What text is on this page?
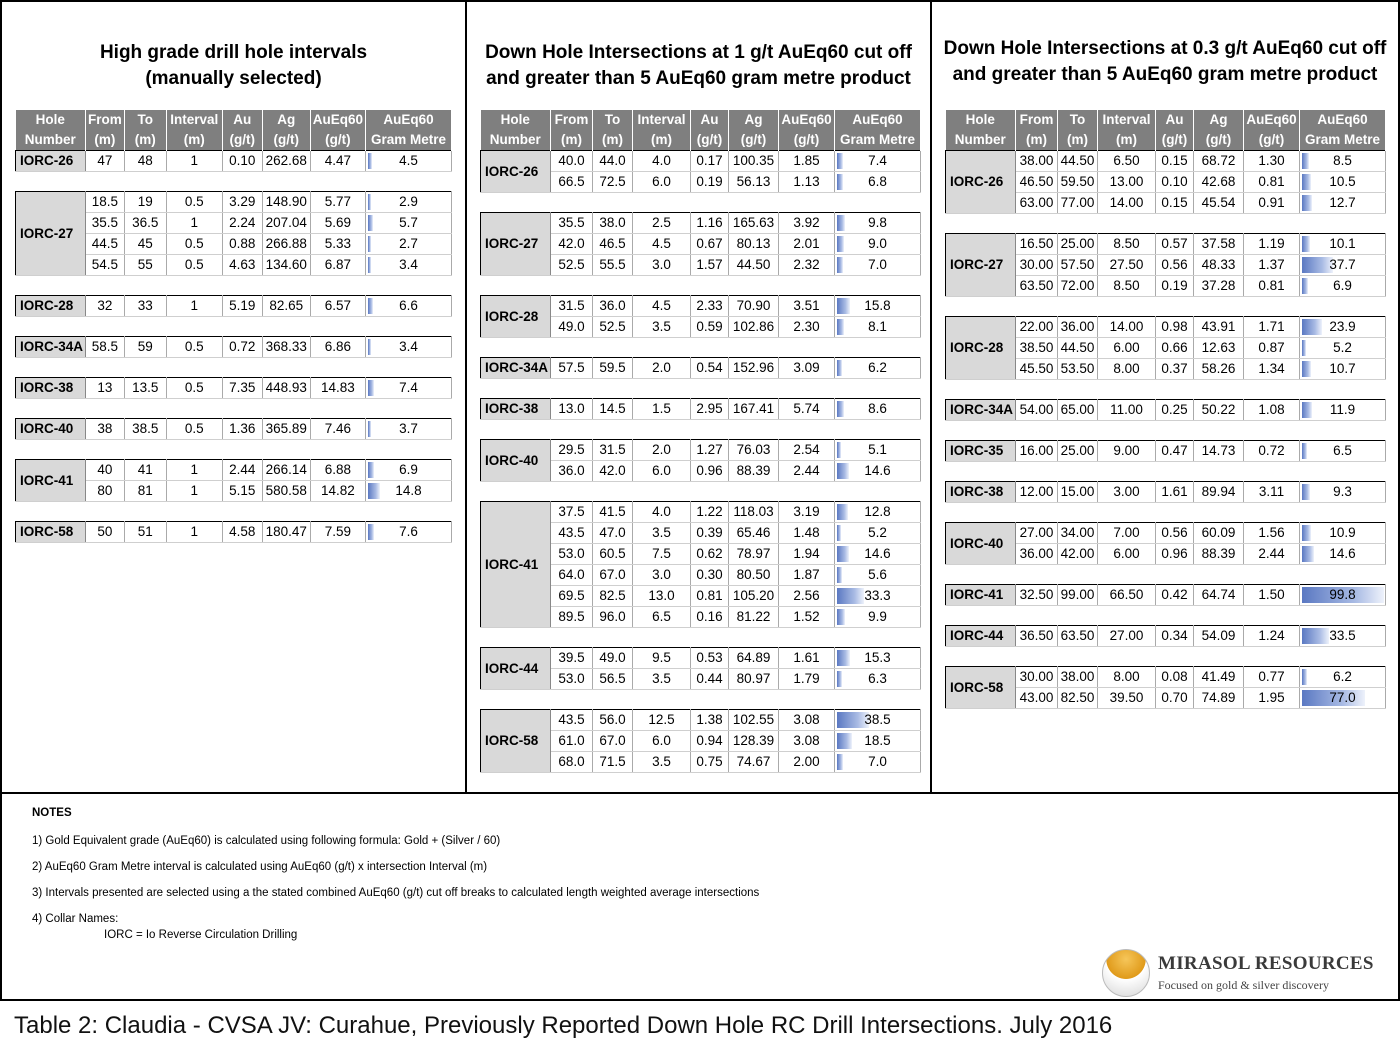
High grade drill hole intervals
(manually selected)
Hole	From	To	Interval	Au	Ag	AuEq60	AuEq60
Number	(m)	(m)	(m)	(g/t)	(g/t)	(g/t)	Gram Metre
IORC-26	47	48	1	0.10	262.68	4.47	4.5

IORC-27	18.5	19	0.5	3.29	148.90	5.77	2.9
	35.5	36.5	1	2.24	207.04	5.69	5.7
	44.5	45	0.5	0.88	266.88	5.33	2.7
	54.5	55	0.5	4.63	134.60	6.87	3.4

IORC-28	32	33	1	5.19	82.65	6.57	6.6

IORC-34A	58.5	59	0.5	0.72	368.33	6.86	3.4

IORC-38	13	13.5	0.5	7.35	448.93	14.83	7.4

IORC-40	38	38.5	0.5	1.36	365.89	7.46	3.7

IORC-41	40	41	1	2.44	266.14	6.88	6.9
	80	81	1	5.15	580.58	14.82	14.8

IORC-58	50	51	1	4.58	180.47	7.59	7.6
Down Hole Intersections at 1 g/t AuEq60 cut off
and greater than 5 AuEq60 gram metre product
Hole	From	To	Interval	Au	Ag	AuEq60	AuEq60
Number	(m)	(m)	(m)	(g/t)	(g/t)	(g/t)	Gram Metre
IORC-26	40.0	44.0	4.0	0.17	100.35	1.85	7.4
	66.5	72.5	6.0	0.19	56.13	1.13	6.8

IORC-27	35.5	38.0	2.5	1.16	165.63	3.92	9.8
	42.0	46.5	4.5	0.67	80.13	2.01	9.0
	52.5	55.5	3.0	1.57	44.50	2.32	7.0

IORC-28	31.5	36.0	4.5	2.33	70.90	3.51	15.8
	49.0	52.5	3.5	0.59	102.86	2.30	8.1

IORC-34A	57.5	59.5	2.0	0.54	152.96	3.09	6.2

IORC-38	13.0	14.5	1.5	2.95	167.41	5.74	8.6

IORC-40	29.5	31.5	2.0	1.27	76.03	2.54	5.1
	36.0	42.0	6.0	0.96	88.39	2.44	14.6

IORC-41	37.5	41.5	4.0	1.22	118.03	3.19	12.8
	43.5	47.0	3.5	0.39	65.46	1.48	5.2
	53.0	60.5	7.5	0.62	78.97	1.94	14.6
	64.0	67.0	3.0	0.30	80.50	1.87	5.6
	69.5	82.5	13.0	0.81	105.20	2.56	33.3
	89.5	96.0	6.5	0.16	81.22	1.52	9.9

IORC-44	39.5	49.0	9.5	0.53	64.89	1.61	15.3
	53.0	56.5	3.5	0.44	80.97	1.79	6.3

IORC-58	43.5	56.0	12.5	1.38	102.55	3.08	38.5
	61.0	67.0	6.0	0.94	128.39	3.08	18.5
	68.0	71.5	3.5	0.75	74.67	2.00	7.0
Down Hole Intersections at 0.3 g/t AuEq60 cut off
and greater than 5 AuEq60 gram metre product
Hole	From	To	Interval	Au	Ag	AuEq60	AuEq60
Number	(m)	(m)	(m)	(g/t)	(g/t)	(g/t)	Gram Metre
IORC-26	38.00	44.50	6.50	0.15	68.72	1.30	8.5
	46.50	59.50	13.00	0.10	42.68	0.81	10.5
	63.00	77.00	14.00	0.15	45.54	0.91	12.7

IORC-27	16.50	25.00	8.50	0.57	37.58	1.19	10.1
	30.00	57.50	27.50	0.56	48.33	1.37	37.7
	63.50	72.00	8.50	0.19	37.28	0.81	6.9

IORC-28	22.00	36.00	14.00	0.98	43.91	1.71	23.9
	38.50	44.50	6.00	0.66	12.63	0.87	5.2
	45.50	53.50	8.00	0.37	58.26	1.34	10.7

IORC-34A	54.00	65.00	11.00	0.25	50.22	1.08	11.9

IORC-35	16.00	25.00	9.00	0.47	14.73	0.72	6.5

IORC-38	12.00	15.00	3.00	1.61	89.94	3.11	9.3

IORC-40	27.00	34.00	7.00	0.56	60.09	1.56	10.9
	36.00	42.00	6.00	0.96	88.39	2.44	14.6

IORC-41	32.50	99.00	66.50	0.42	64.74	1.50	99.8

IORC-44	36.50	63.50	27.00	0.34	54.09	1.24	33.5

IORC-58	30.00	38.00	8.00	0.08	41.49	0.77	6.2
	43.00	82.50	39.50	0.70	74.89	1.95	77.0
NOTES
1) Gold Equivalent grade (AuEq60) is calculated using following formula: Gold + (Silver / 60)
2) AuEq60 Gram Metre interval is calculated using AuEq60 (g/t) x intersection Interval (m)
3) Intervals presented are selected using a the stated combined AuEq60 (g/t) cut off breaks to calculated length weighted average intersections
4) Collar Names:
IORC = Io Reverse Circulation Drilling
MIRASOL RESOURCES
Focused on gold & silver discovery
Table 2: Claudia - CVSA JV: Curahue, Previously Reported Down Hole RC Drill Intersections. July 2016
